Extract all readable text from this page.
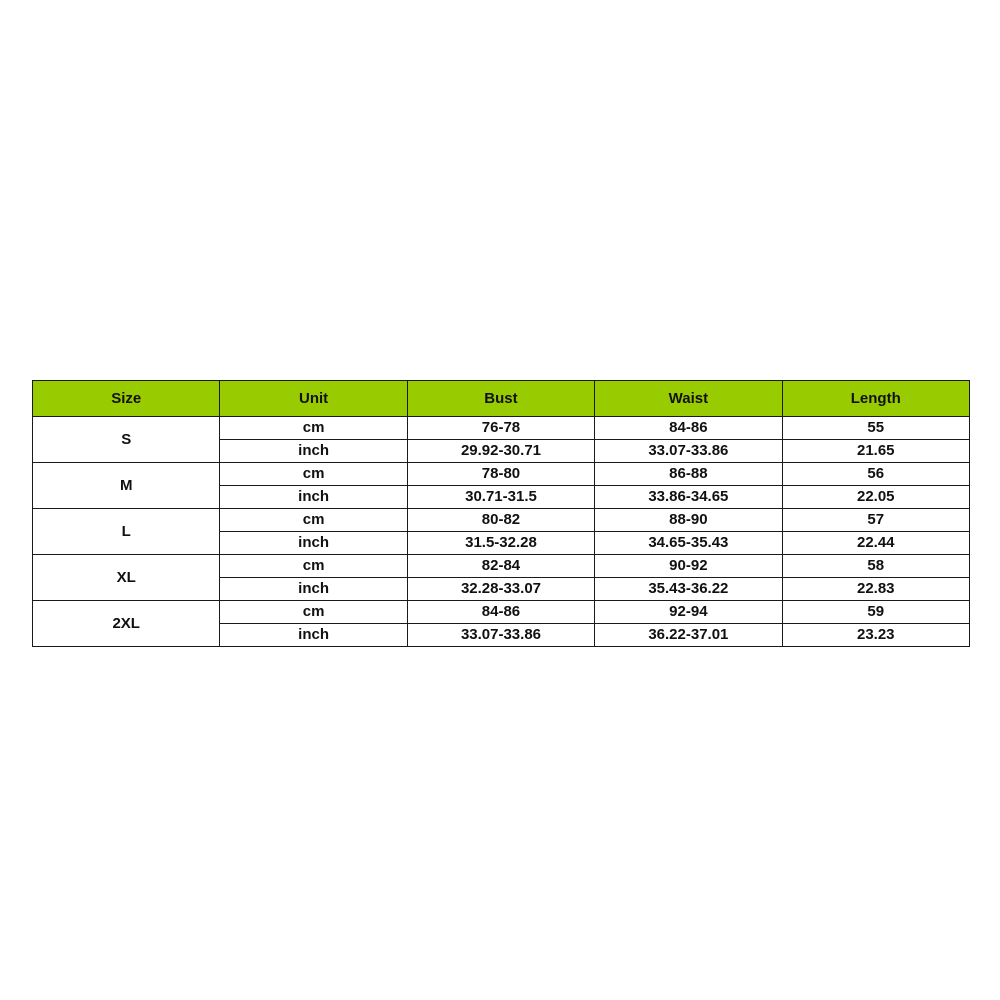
Size	Unit	Bust	Waist	Length
S	cm	76-78	84-86	55
	inch	29.92-30.71	33.07-33.86	21.65
M	cm	78-80	86-88	56
	inch	30.71-31.5	33.86-34.65	22.05
L	cm	80-82	88-90	57
	inch	31.5-32.28	34.65-35.43	22.44
XL	cm	82-84	90-92	58
	inch	32.28-33.07	35.43-36.22	22.83
2XL	cm	84-86	92-94	59
	inch	33.07-33.86	36.22-37.01	23.23
